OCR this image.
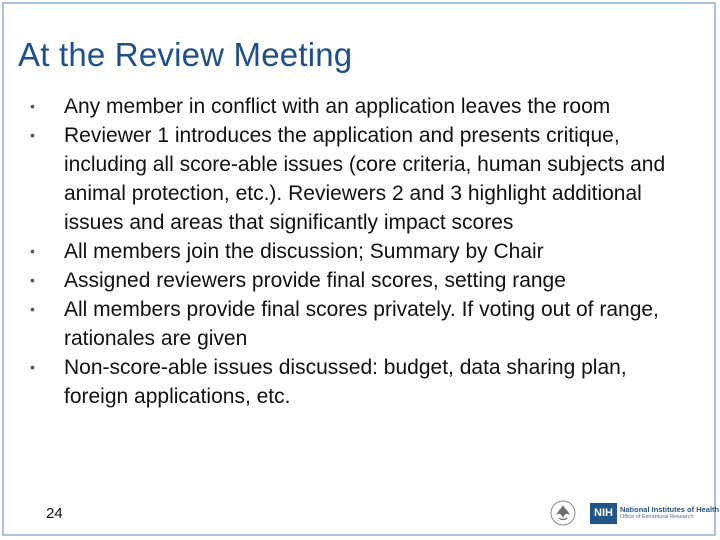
At the Review Meeting
• Any member in conflict with an application leaves the room
• Reviewer 1 introduces the application and presents critique, including all score-able issues (core criteria, human subjects and animal protection, etc.). Reviewers 2 and 3 highlight additional issues and areas that significantly impact scores
• All members join the discussion; Summary by Chair
• Assigned reviewers provide final scores, setting range
• All members provide final scores privately. If voting out of range, rationales are given
• Non-score-able issues discussed: budget, data sharing plan, foreign applications, etc.
24	NIH National Institutes of Health
Office of Extramural Research
